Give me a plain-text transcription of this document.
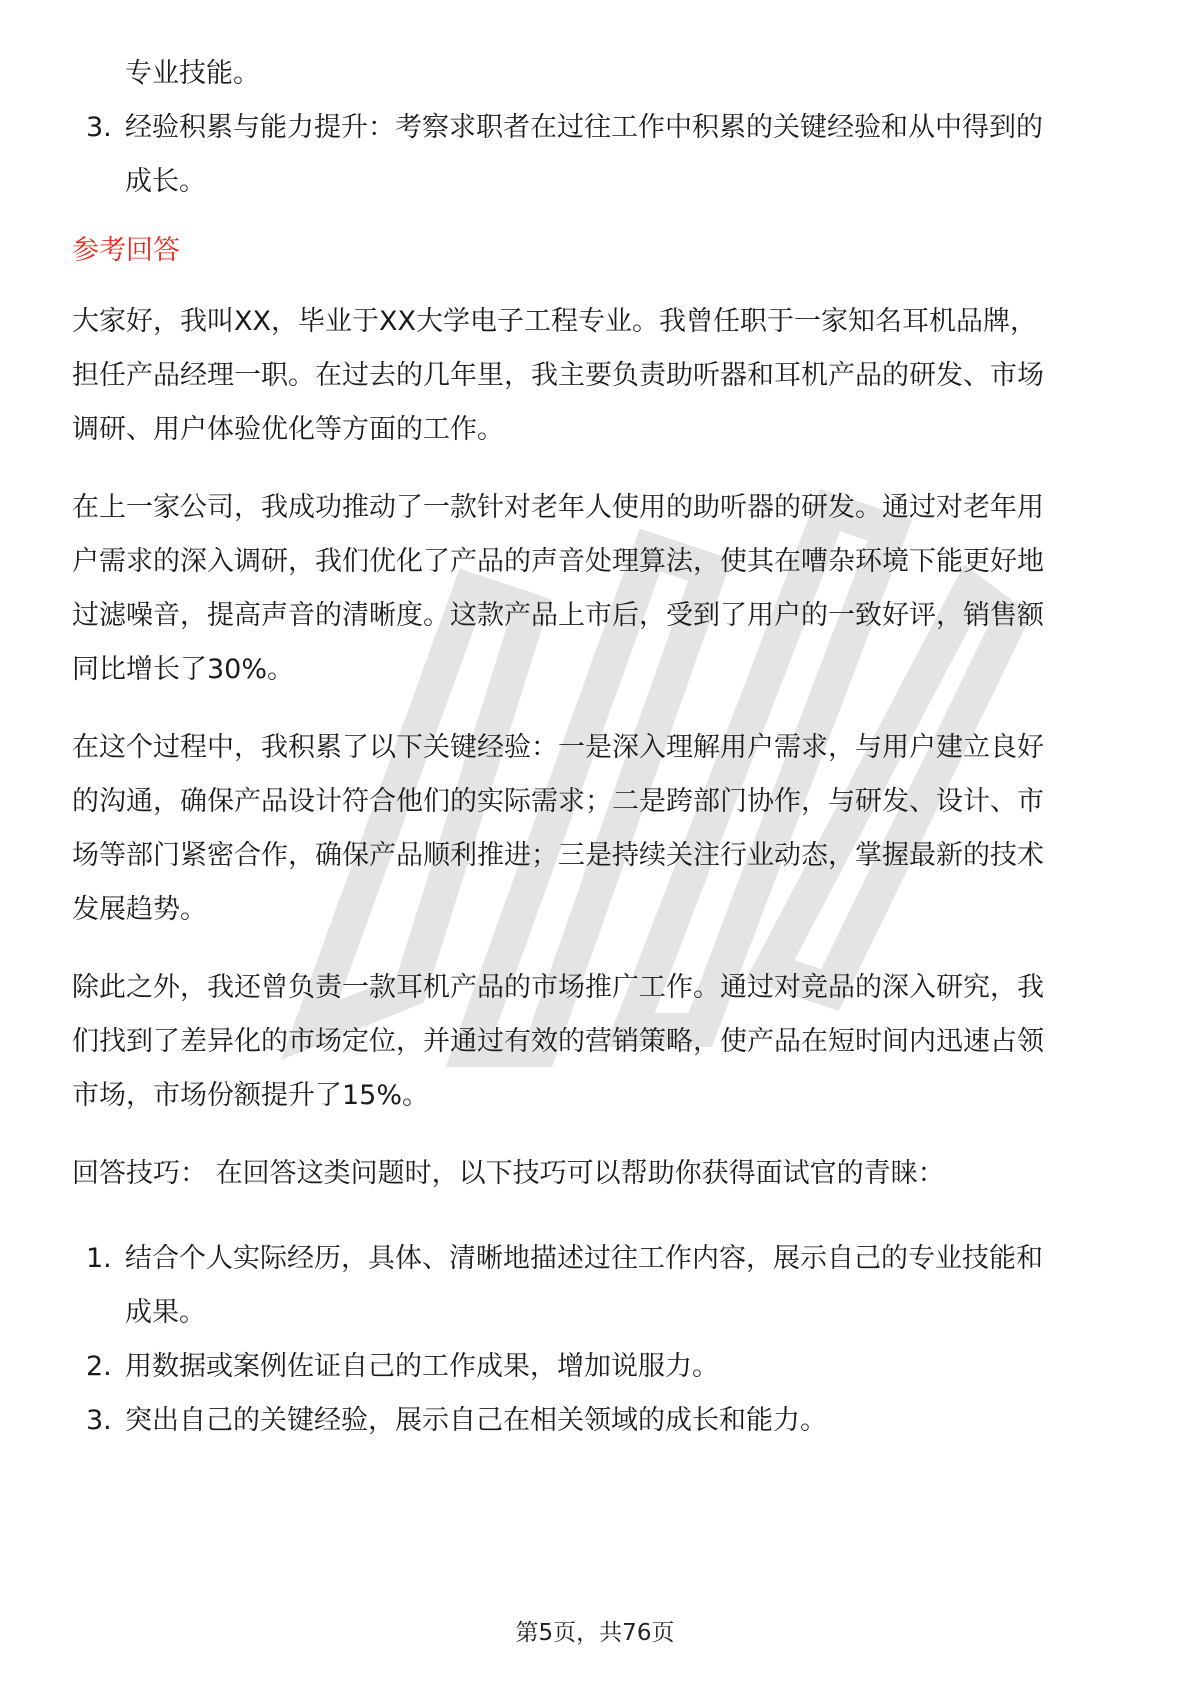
专业技能。
3. 经验积累与能力提升：考察求职者在过往工作中积累的关键经验和从中得到的
成长。
参考回答
大家好，我叫XX，毕业于XX大学电子工程专业。我曾任职于一家知名耳机品牌，
担任产品经理一职。在过去的几年里，我主要负责助听器和耳机产品的研发、市场
调研、用户体验优化等方面的工作。
在上一家公司，我成功推动了一款针对老年人使用的助听器的研发。通过对老年用
户需求的深入调研，我们优化了产品的声音处理算法，使其在嘈杂环境下能更好地
过滤噪音，提高声音的清晰度。这款产品上市后，受到了用户的一致好评，销售额
同比增长了30%。
在这个过程中，我积累了以下关键经验：一是深入理解用户需求，与用户建立良好
的沟通，确保产品设计符合他们的实际需求；二是跨部门协作，与研发、设计、市
场等部门紧密合作，确保产品顺利推进；三是持续关注行业动态，掌握最新的技术
发展趋势。
除此之外，我还曾负责一款耳机产品的市场推广工作。通过对竞品的深入研究，我
们找到了差异化的市场定位，并通过有效的营销策略，使产品在短时间内迅速占领
市场，市场份额提升了15%。
回答技巧： 在回答这类问题时，以下技巧可以帮助你获得面试官的青睐：
1. 结合个人实际经历，具体、清晰地描述过往工作内容，展示自己的专业技能和
成果。
2. 用数据或案例佐证自己的工作成果，增加说服力。
3. 突出自己的关键经验，展示自己在相关领域的成长和能力。
第5页，共76页
